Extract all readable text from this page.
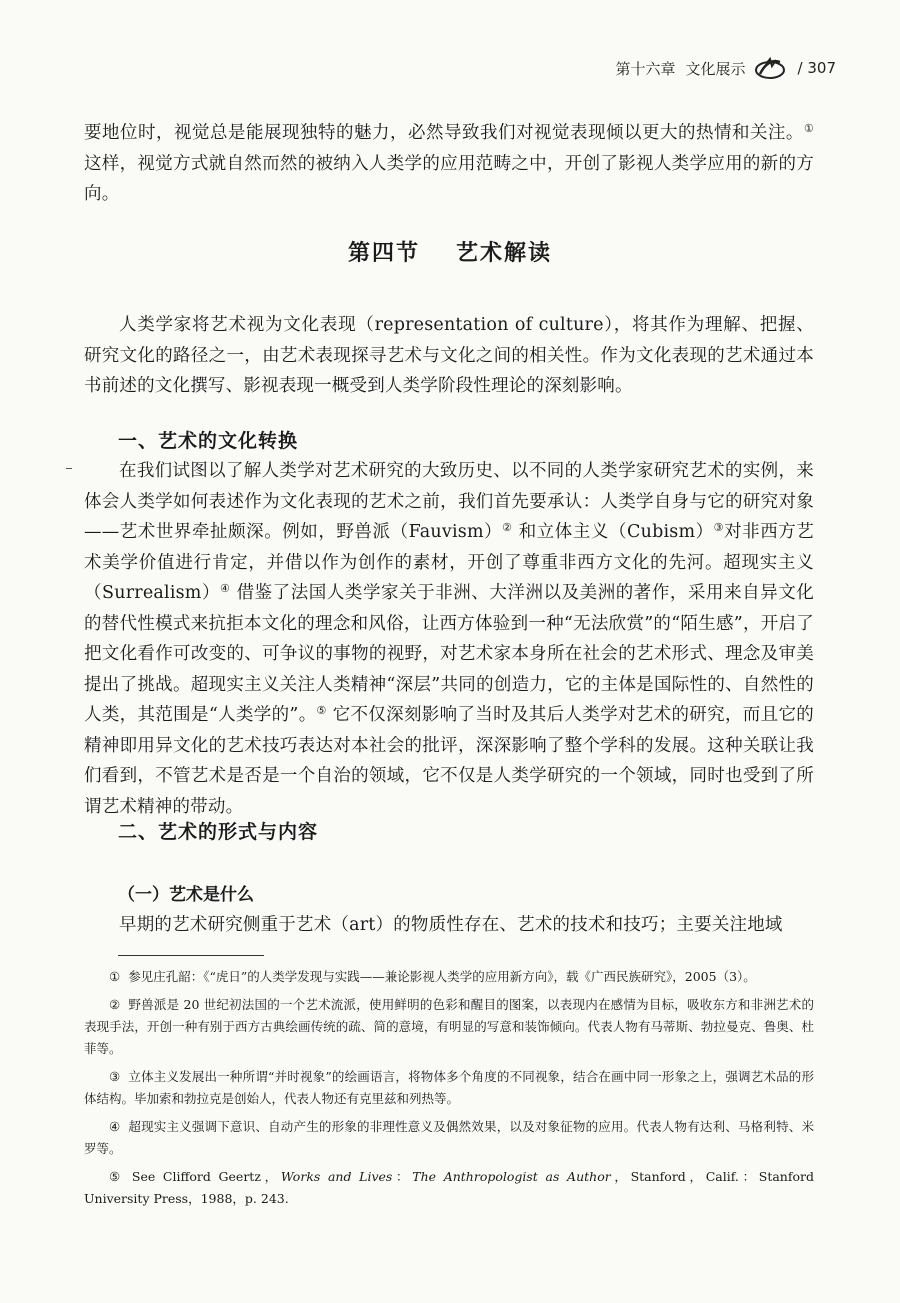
第十六章 文化展示	/ 307
要地位时，视觉总是能展现独特的魅力，必然导致我们对视觉表现倾以更大的热情和关注。① 这样，视觉方式就自然而然的被纳入人类学的应用范畴之中，开创了影视人类学应用的新的方向。
第四节 艺术解读
人类学家将艺术视为文化表现（representation of culture），将其作为理解、把握、研究文化的路径之一，由艺术表现探寻艺术与文化之间的相关性。作为文化表现的艺术通过本书前述的文化撰写、影视表现一概受到人类学阶段性理论的深刻影响。
一、艺术的文化转换
在我们试图以了解人类学对艺术研究的大致历史、以不同的人类学家研究艺术的实例，来体会人类学如何表述作为文化表现的艺术之前，我们首先要承认：人类学自身与它的研究对象——艺术世界牵扯颇深。例如，野兽派（Fauvism）② 和立体主义（Cubism）③对非西方艺术美学价值进行肯定，并借以作为创作的素材，开创了尊重非西方文化的先河。超现实主义（Surrealism）④ 借鉴了法国人类学家关于非洲、大洋洲以及美洲的著作，采用来自异文化的替代性模式来抗拒本文化的理念和风俗，让西方体验到一种“无法欣赏”的“陌生感”，开启了把文化看作可改变的、可争议的事物的视野，对艺术家本身所在社会的艺术形式、理念及审美提出了挑战。超现实主义关注人类精神“深层”共同的创造力，它的主体是国际性的、自然性的人类，其范围是“人类学的”。⑤ 它不仅深刻影响了当时及其后人类学对艺术的研究，而且它的精神即用异文化的艺术技巧表达对本社会的批评，深深影响了整个学科的发展。这种关联让我们看到，不管艺术是否是一个自治的领域，它不仅是人类学研究的一个领域，同时也受到了所谓艺术精神的带动。
二、艺术的形式与内容
（一）艺术是什么
早期的艺术研究侧重于艺术（art）的物质性存在、艺术的技术和技巧；主要关注地域
① 参见庄孔韶：《“虎日”的人类学发现与实践——兼论影视人类学的应用新方向》，载《广西民族研究》，2005（3）。
② 野兽派是 20 世纪初法国的一个艺术流派，使用鲜明的色彩和醒目的图案，以表现内在感情为目标，吸收东方和非洲艺术的表现手法，开创一种有别于西方古典绘画传统的疏、简的意境，有明显的写意和装饰倾向。代表人物有马蒂斯、勃拉曼克、鲁奥、杜菲等。
③ 立体主义发展出一种所谓“并时视象”的绘画语言，将物体多个角度的不同视象，结合在画中同一形象之上，强调艺术品的形体结构。毕加索和勃拉克是创始人，代表人物还有克里兹和列热等。
④ 超现实主义强调下意识、自动产生的形象的非理性意义及偶然效果，以及对象征物的应用。代表人物有达利、马格利特、米罗等。
⑤ See Clifford Geertz，Works and Lives：The Anthropologist as Author，Stanford，Calif.：Stanford University Press，1988，p. 243.
